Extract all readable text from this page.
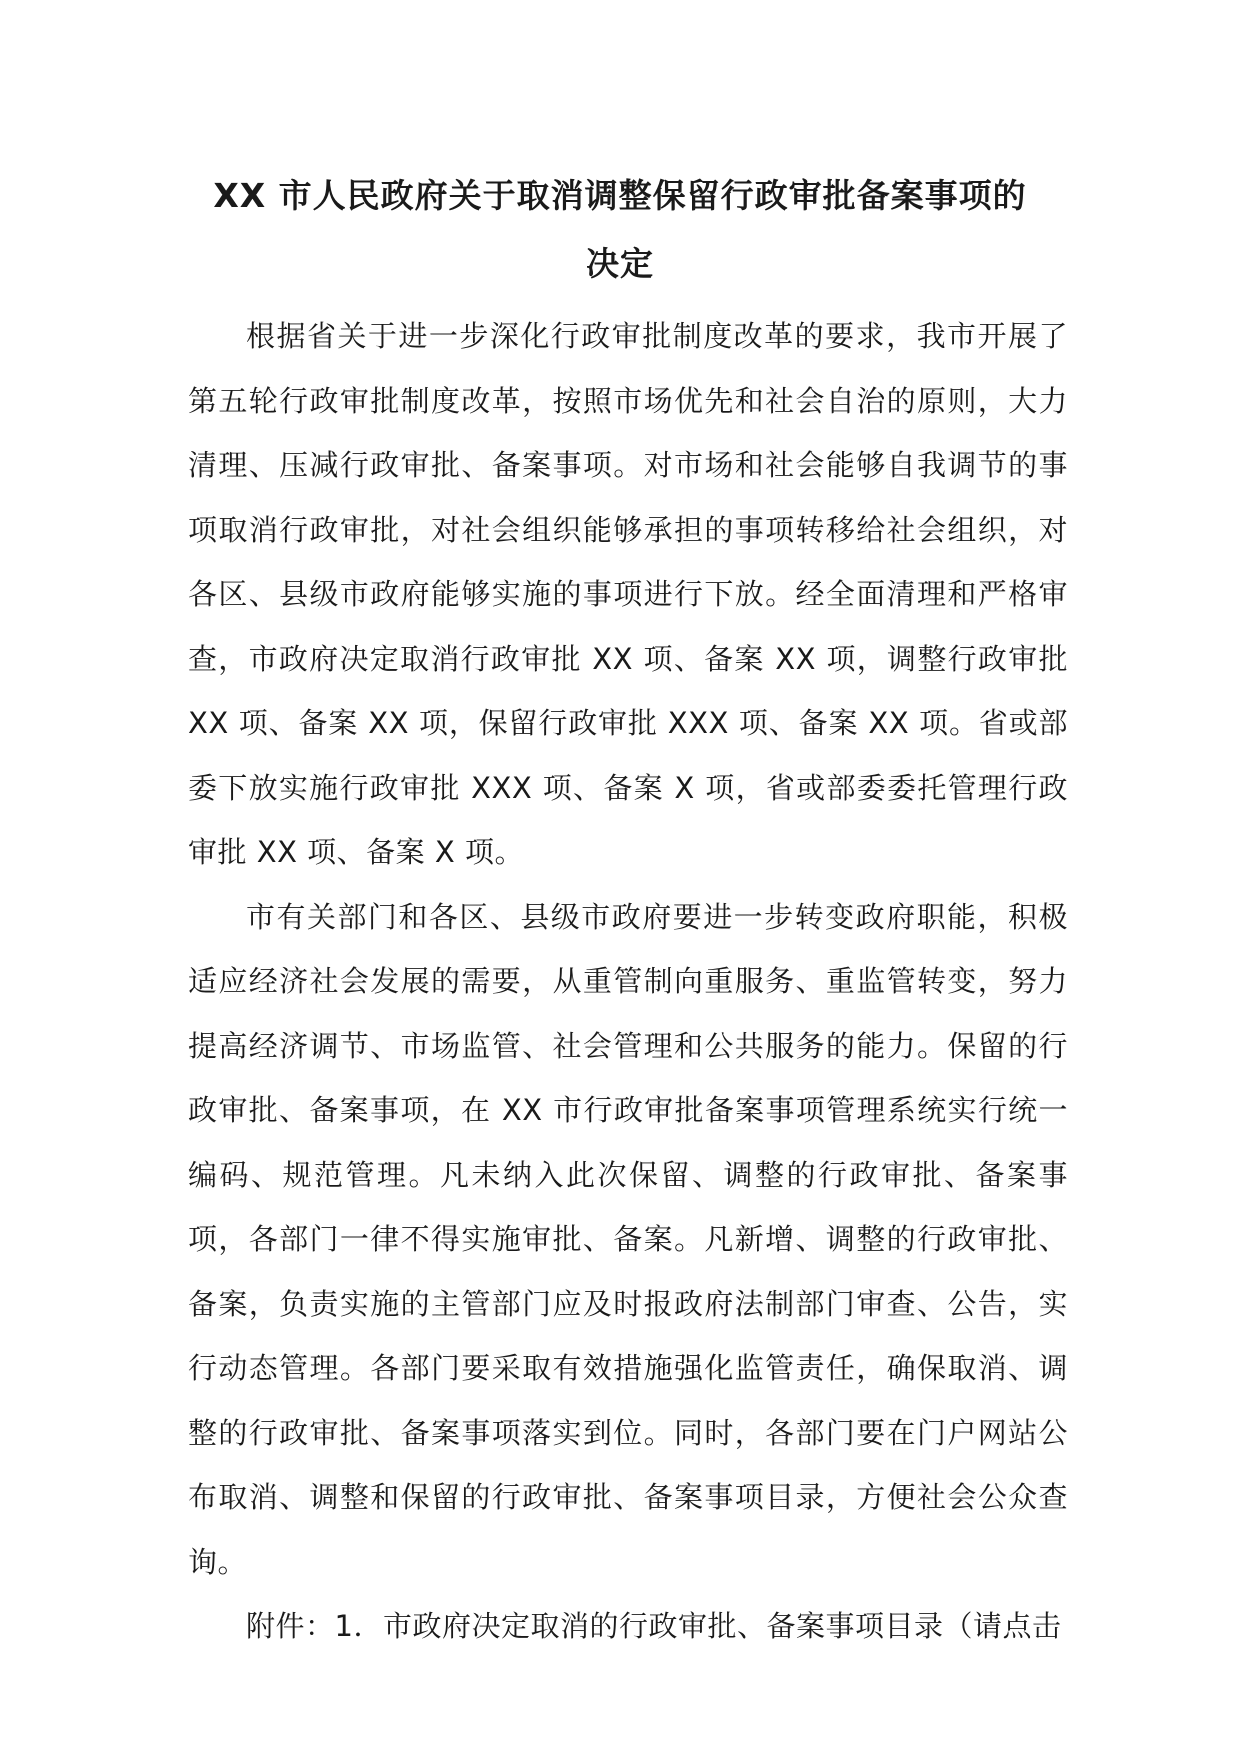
XX 市人民政府关于取消调整保留行政审批备案事项的
决定

根据省关于进一步深化行政审批制度改革的要求，我市开展了第五轮行政审批制度改革，按照市场优先和社会自治的原则，大力清理、压减行政审批、备案事项。对市场和社会能够自我调节的事项取消行政审批，对社会组织能够承担的事项转移给社会组织，对各区、县级市政府能够实施的事项进行下放。经全面清理和严格审查，市政府决定取消行政审批 XX 项、备案 XX 项，调整行政审批 XX 项、备案 XX 项，保留行政审批 XXX 项、备案 XX 项。省或部委下放实施行政审批 XXX 项、备案 X 项，省或部委委托管理行政审批 XX 项、备案 X 项。

市有关部门和各区、县级市政府要进一步转变政府职能，积极适应经济社会发展的需要，从重管制向重服务、重监管转变，努力提高经济调节、市场监管、社会管理和公共服务的能力。保留的行政审批、备案事项，在 XX 市行政审批备案事项管理系统实行统一编码、规范管理。凡未纳入此次保留、调整的行政审批、备案事项，各部门一律不得实施审批、备案。凡新增、调整的行政审批、备案，负责实施的主管部门应及时报政府法制部门审查、公告，实行动态管理。各部门要采取有效措施强化监管责任，确保取消、调整的行政审批、备案事项落实到位。同时，各部门要在门户网站公布取消、调整和保留的行政审批、备案事项目录，方便社会公众查询。

附件：1．市政府决定取消的行政审批、备案事项目录（请点击
